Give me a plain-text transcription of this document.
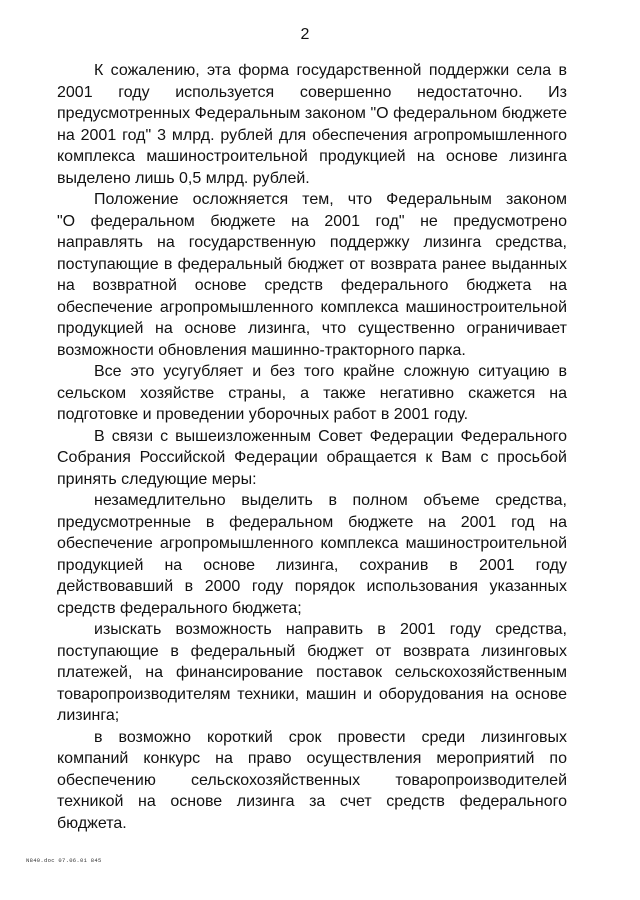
2
К сожалению, эта форма государственной поддержки села в
2001 году используется совершенно недостаточно. Из
предусмотренных Федеральным законом "О федеральном бюджете
на 2001 год" 3 млрд. рублей для обеспечения агропромышленного
комплекса машиностроительной продукцией на основе лизинга
выделено лишь 0,5 млрд. рублей.
Положение осложняется тем, что Федеральным законом
"О федеральном бюджете на 2001 год" не предусмотрено
направлять на государственную поддержку лизинга средства,
поступающие в федеральный бюджет от возврата ранее выданных
на возвратной основе средств федерального бюджета на
обеспечение агропромышленного комплекса машиностроительной
продукцией на основе лизинга, что существенно ограничивает
возможности обновления машинно-тракторного парка.
Все это усугубляет и без того крайне сложную ситуацию в
сельском хозяйстве страны, а также негативно скажется на
подготовке и проведении уборочных работ в 2001 году.
В связи с вышеизложенным Совет Федерации Федерального
Собрания Российской Федерации обращается к Вам с просьбой
принять следующие меры:
незамедлительно выделить в полном объеме средства,
предусмотренные в федеральном бюджете на 2001 год на
обеспечение агропромышленного комплекса машиностроительной
продукцией на основе лизинга, сохранив в 2001 году
действовавший в 2000 году порядок использования указанных
средств федерального бюджета;
изыскать возможность направить в 2001 году средства,
поступающие в федеральный бюджет от возврата лизинговых
платежей, на финансирование поставок сельскохозяйственным
товаропроизводителям техники, машин и оборудования на основе
лизинга;
в возможно короткий срок провести среди лизинговых
компаний конкурс на право осуществления мероприятий по
обеспечению сельскохозяйственных товаропроизводителей
техникой на основе лизинга за счет средств федерального
бюджета.
N840.doc 07.06.01 845
